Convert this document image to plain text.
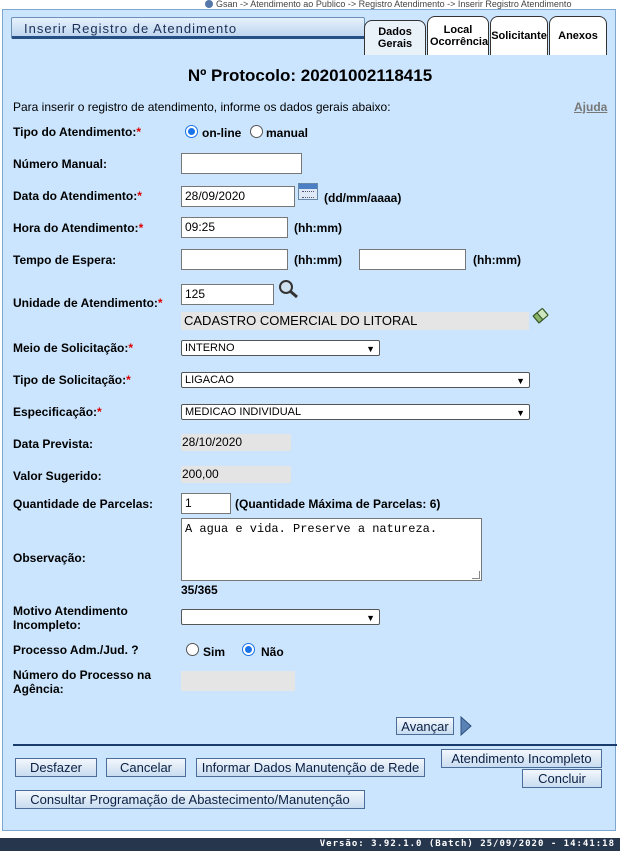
Gsan -> Atendimento ao Publico -> Registro Atendimento -> Inserir Registro Atendimento
Inserir Registro de Atendimento	Dados Gerais
Local Ocorrência Solicitante Anexos
Nº Protocolo: 20201002118415
Para inserir o registro de atendimento, informe os dados gerais abaixo:	Ajuda
Tipo do Atendimento:*	on-line manual
Número Manual:
Data do Atendimento:*	28/09/2020	(dd/mm/aaaa)
Hora do Atendimento:*	09:25	(hh:mm)
Tempo de Espera:	(hh:mm)	(hh:mm)
Unidade de Atendimento:*
125
CADASTRO COMERCIAL DO LITORAL
Meio de Solicitação:*	INTERNO	▼
Tipo de Solicitação:*	LIGACAO	▼
Especificação:*	MEDICAO INDIVIDUAL	▼
Data Prevista:	28/10/2020
Valor Sugerido:	200,00
Quantidade de Parcelas:	1	(Quantidade Máxima de Parcelas: 6)
Observação:
A agua e vida. Preserve a natureza.
35/365
Motivo Atendimento
Incompleto:	▼
Processo Adm./Jud. ?	Sim	Não
Número do Processo na
Agência:
Avançar
Desfazer	Cancelar	Informar Dados Manutenção de Rede
Atendimento Incompleto
Concluir
Consultar Programação de Abastecimento/Manutenção
Versão: 3.92.1.0 (Batch) 25/09/2020 - 14:41:18
